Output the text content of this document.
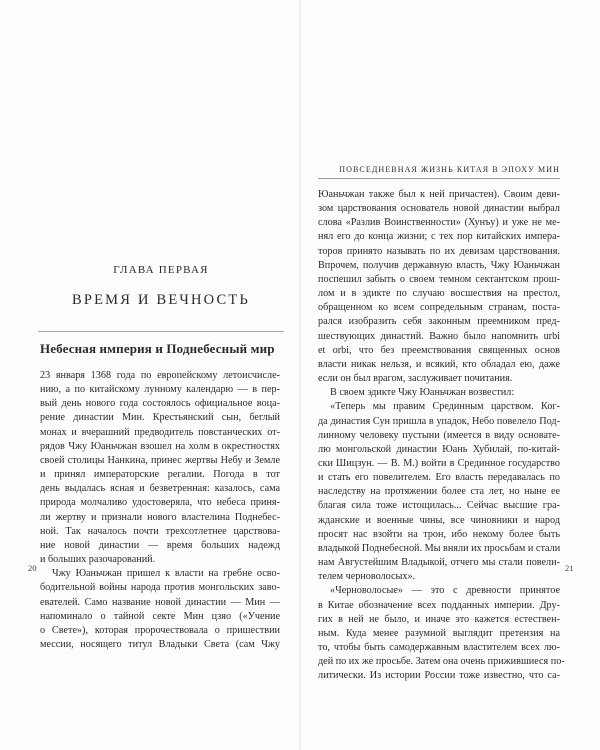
ГЛАВА ПЕРВАЯ
ВРЕМЯ И ВЕЧНОСТЬ
Небесная империя и Поднебесный мир
23 января 1368 года по европейскому летоисчисле-
нию, а по китайскому лунному календарю — в пер-
вый день нового года состоялось официальное воца-
рение династии Мин. Крестьянский сын, беглый
монах и вчерашний предводитель повстанческих от-
рядов Чжу Юаньчжан взошел на холм в окрестностях
своей столицы Нанкина, принес жертвы Небу и Земле
и принял императорские регалии. Погода в тот
день выдалась ясная и безветренная: казалось, сама
природа молчаливо удостоверяла, что небеса приня-
ли жертву и признали нового властелина Поднебес-
ной. Так началось почти трехсотлетнее царствова-
ние новой династии — время больших надежд
и больших разочарований.
Чжу Юаньчжан пришел к власти на гребне осво-
бодительной войны народа против монгольских заво-
евателей. Само название новой династии — Мин —
напоминало о тайной секте Мин цзяо («Учение
о Свете»), которая пророчествовала о пришествии
мессии, носящего титул Владыки Света (сам Чжу
20
ПОВСЕДНЕВНАЯ ЖИЗНЬ КИТАЯ В ЭПОХУ МИН
Юаньчжан также был к ней причастен). Своим деви-
зом царствования основатель новой династии выбрал
слова «Разлив Воинственности» (Хунъу) и уже не ме-
нял его до конца жизни; с тех пор китайских импера-
торов принято называть по их девизам царствования.
Впрочем, получив державную власть, Чжу Юаньчжан
поспешил забыть о своем темном сектантском прош-
лом и в эдикте по случаю восшествия на престол,
обращенном ко всем сопредельным странам, поста-
рался изобразить себя законным преемником пред-
шествующих династий. Важно было напомнить urbi
et orbi, что без преемствования священных основ
власти никак нельзя, и всякий, кто обладал ею, даже
если он был врагом, заслуживает почитания.
В своем эдикте Чжу Юаньчжан возвестил:
«Теперь мы правим Срединным царством. Ког-
да династия Сун пришла в упадок, Небо повелело Под-
линному человеку пустыни (имеется в виду основате-
лю монгольской династии Юань Хубилай, по-китай-
ски Шицзун. — В. М.) войти в Срединное государство
и стать его повелителем. Его власть передавалась по
наследству на протяжении более ста лет, но ныне ее
благая сила тоже истощилась... Сейчас высшие гра-
жданские и военные чины, все чиновники и народ
просят нас взойти на трон, ибо некому более быть
владыкой Поднебесной. Мы вняли их просьбам и стали
нам Августейшим Владыкой, отчего мы стали повели-
телем черноволосых».
«Черноволосые» — это с древности принятое
в Китае обозначение всех подданных империи. Дру-
гих в ней не было, и иначе это кажется естествен-
ным. Куда менее разумной выглядит претензия на
то, чтобы быть самодержавным властителем всех лю-
дей по их же просьбе. Затем она очень прижившиеся по-
литически. Из истории России тоже известно, что са-
21
